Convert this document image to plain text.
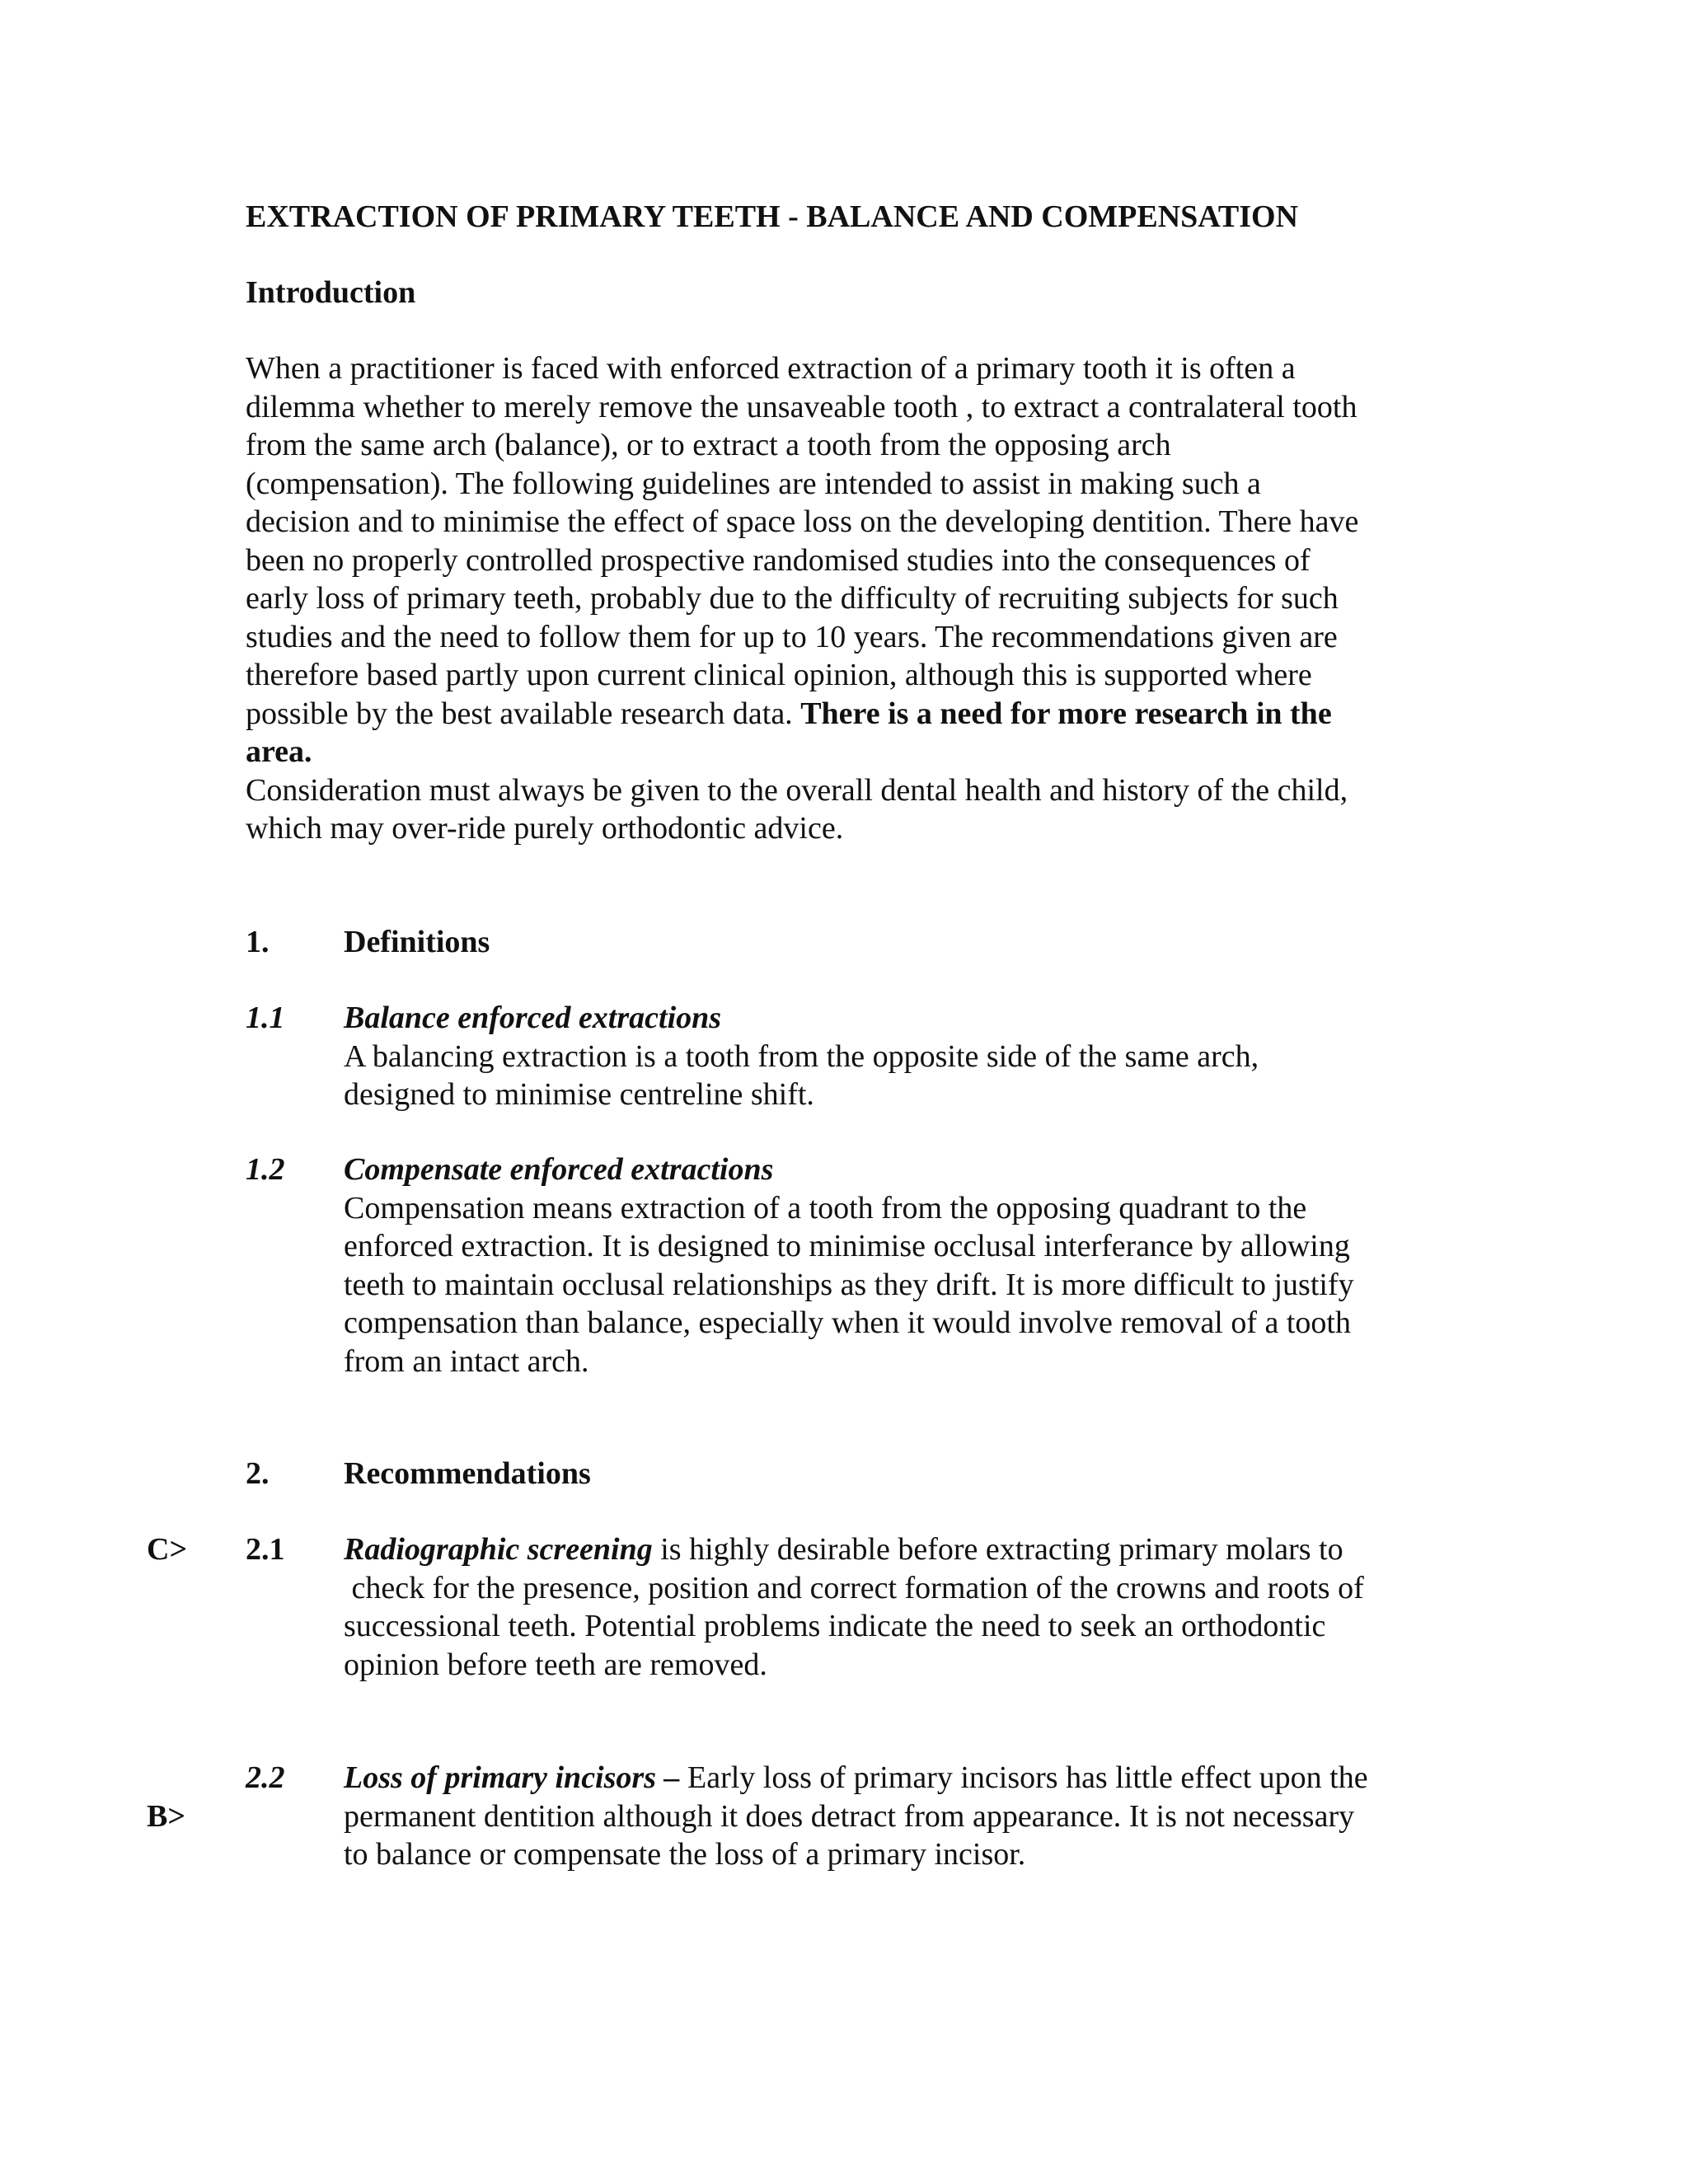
EXTRACTION OF PRIMARY TEETH - BALANCE AND COMPENSATION
Introduction
When a practitioner is faced with enforced extraction of a primary tooth it is often a
dilemma whether to merely remove the unsaveable tooth , to extract a contralateral tooth
from the same arch (balance), or to extract a tooth from the opposing arch
(compensation). The following guidelines are intended to assist in making such a
decision and to minimise the effect of space loss on the developing dentition. There have
been no properly controlled prospective randomised studies into the consequences of
early loss of primary teeth, probably due to the difficulty of recruiting subjects for such
studies and the need to follow them for up to 10 years. The recommendations given are
therefore based partly upon current clinical opinion, although this is supported where
possible by the best available research data. There is a need for more research in the
area.
Consideration must always be given to the overall dental health and history of the child,
which may over-ride purely orthodontic advice.
1. Definitions
1.1 Balance enforced extractions
A balancing extraction is a tooth from the opposite side of the same arch,
designed to minimise centreline shift.
1.2 Compensate enforced extractions
Compensation means extraction of a tooth from the opposing quadrant to the
enforced extraction. It is designed to minimise occlusal interferance by allowing
teeth to maintain occlusal relationships as they drift. It is more difficult to justify
compensation than balance, especially when it would involve removal of a tooth
from an intact arch.
2. Recommendations
C> 2.1 Radiographic screening is highly desirable before extracting primary molars to
check for the presence, position and correct formation of the crowns and roots of
successional teeth. Potential problems indicate the need to seek an orthodontic
opinion before teeth are removed.
B>
2.2 Loss of primary incisors – Early loss of primary incisors has little effect upon the
permanent dentition although it does detract from appearance. It is not necessary
to balance or compensate the loss of a primary incisor.
